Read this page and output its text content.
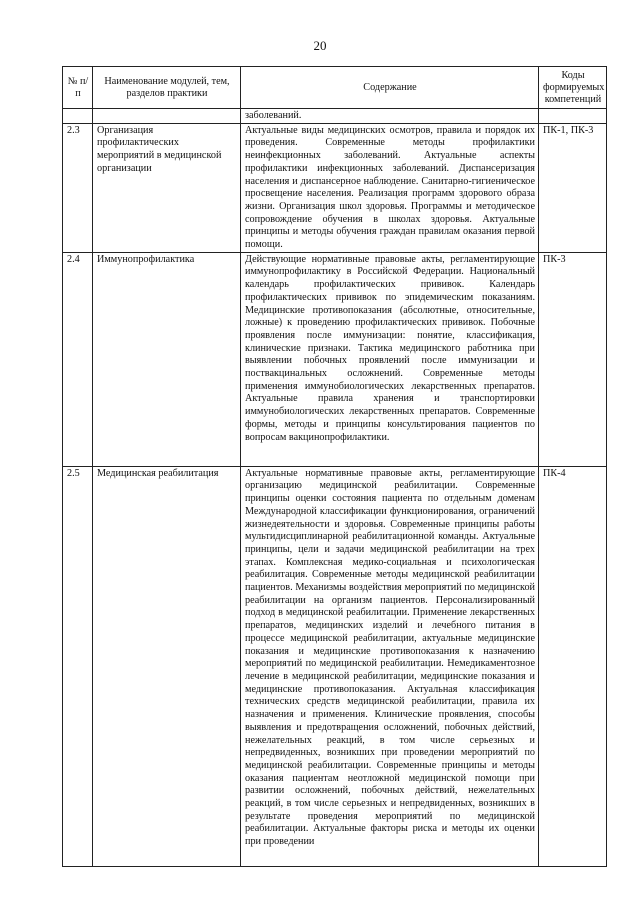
20
№ п/п	Наименование модулей, тем, разделов практики	Содержание	Коды формируемых компетенций
		заболеваний.	
2.3	Организация профилактических мероприятий в медицинской организации	Актуальные виды медицинских осмотров, правила и порядок их проведения. Современные методы профилактики неинфекционных заболеваний. Актуальные аспекты профилактики инфекционных заболеваний. Диспансеризация населения и диспансерное наблюдение. Санитарно-гигиеническое просвещение населения. Реализация программ здорового образа жизни. Организация школ здоровья. Программы и методическое сопровождение обучения в школах здоровья. Актуальные принципы и методы обучения граждан правилам оказания первой помощи.	ПК-1, ПК-3
2.4	Иммунопрофилактика	Действующие нормативные правовые акты, регламентирующие иммунопрофилактику в Российской Федерации. Национальный календарь профилактических прививок. Календарь профилактических прививок по эпидемическим показаниям. Медицинские противопоказания (абсолютные, относительные, ложные) к проведению профилактических прививок. Побочные проявления после иммунизации: понятие, классификация, клинические признаки. Тактика медицинского работника при выявлении побочных проявлений после иммунизации и поствакцинальных осложнений. Современные методы применения иммунобиологических лекарственных препаратов. Актуальные правила хранения и транспортировки иммунобиологических лекарственных препаратов. Современные формы, методы и принципы консультирования пациентов по вопросам вакцинопрофилактики.	ПК-3
2.5	Медицинская реабилитация	Актуальные нормативные правовые акты, регламентирующие организацию медицинской реабилитации. Современные принципы оценки состояния пациента по отдельным доменам Международной классификации функционирования, ограничений жизнедеятельности и здоровья. Современные принципы работы мультидисциплинарной реабилитационной команды. Актуальные принципы, цели и задачи медицинской реабилитации на трех этапах. Комплексная медико-социальная и психологическая реабилитация. Современные методы медицинской реабилитации пациентов. Механизмы воздействия мероприятий по медицинской реабилитации на организм пациентов. Персонализированный подход в медицинской реабилитации. Применение лекарственных препаратов, медицинских изделий и лечебного питания в процессе медицинской реабилитации, актуальные медицинские показания и медицинские противопоказания к назначению мероприятий по медицинской реабилитации. Немедикаментозное лечение в медицинской реабилитации, медицинские показания и медицинские противопоказания. Актуальная классификация технических средств медицинской реабилитации, правила их назначения и применения. Клинические проявления, способы выявления и предотвращения осложнений, побочных действий, нежелательных реакций, в том числе серьезных и непредвиденных, возникших при проведении мероприятий по медицинской реабилитации. Современные принципы и методы оказания пациентам неотложной медицинской помощи при развитии осложнений, побочных действий, нежелательных реакций, в том числе серьезных и непредвиденных, возникших в результате проведения мероприятий по медицинской реабилитации. Актуальные факторы риска и методы их оценки при проведении	ПК-4
